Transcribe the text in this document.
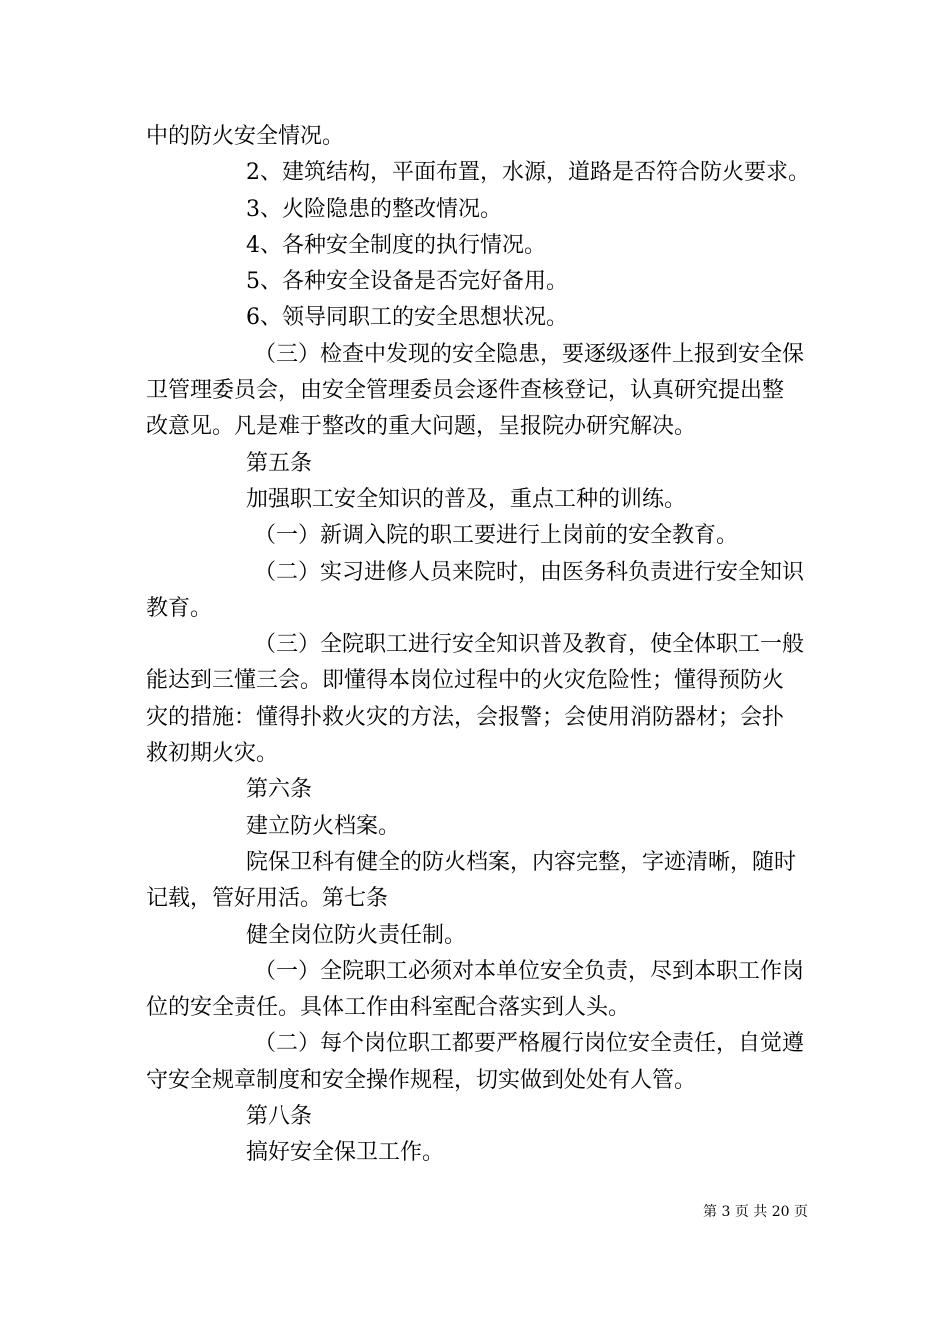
中的防火安全情况。
2、建筑结构，平面布置，水源，道路是否符合防火要求。
3、火险隐患的整改情况。
4、各种安全制度的执行情况。
5、各种安全设备是否完好备用。
6、领导同职工的安全思想状况。
（三）检查中发现的安全隐患，要逐级逐件上报到安全保
卫管理委员会，由安全管理委员会逐件查核登记，认真研究提出整
改意见。凡是难于整改的重大问题，呈报院办研究解决。
第五条
加强职工安全知识的普及，重点工种的训练。
（一）新调入院的职工要进行上岗前的安全教育。
（二）实习进修人员来院时，由医务科负责进行安全知识
教育。
（三）全院职工进行安全知识普及教育，使全体职工一般
能达到三懂三会。即懂得本岗位过程中的火灾危险性；懂得预防火
灾的措施：懂得扑救火灾的方法，会报警；会使用消防器材；会扑
救初期火灾。
第六条
建立防火档案。
院保卫科有健全的防火档案，内容完整，字迹清晰，随时
记载，管好用活。第七条
健全岗位防火责任制。
（一）全院职工必须对本单位安全负责，尽到本职工作岗
位的安全责任。具体工作由科室配合落实到人头。
（二）每个岗位职工都要严格履行岗位安全责任，自觉遵
守安全规章制度和安全操作规程，切实做到处处有人管。
第八条
搞好安全保卫工作。
第 3 页 共 20 页
